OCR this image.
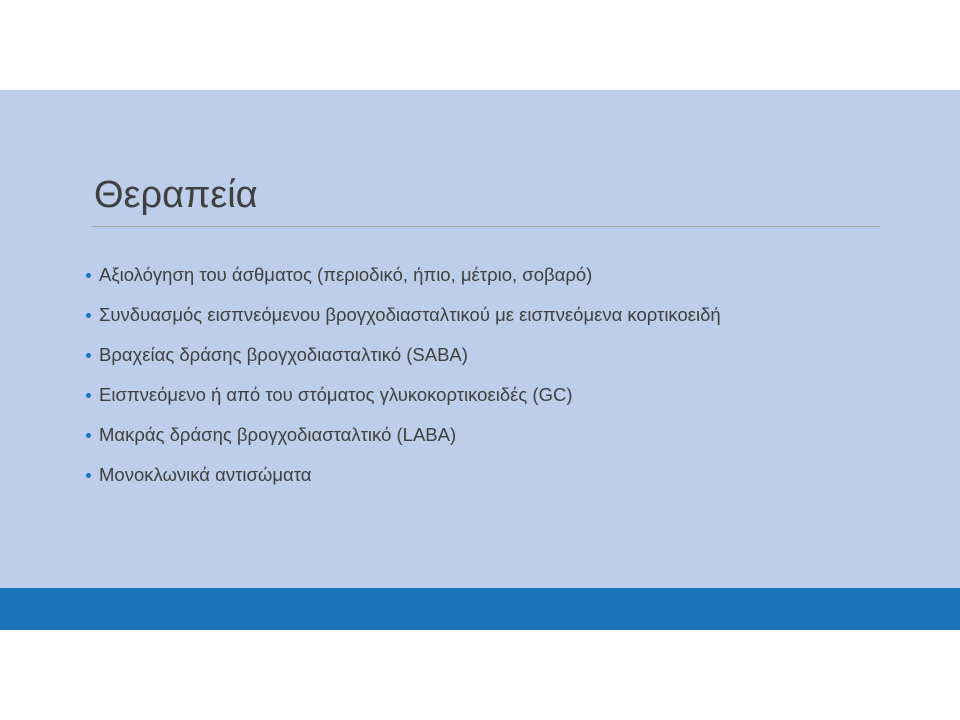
Θεραπεία
Αξιολόγηση του άσθματος (περιοδικό, ήπιο, μέτριο, σοβαρό)
Συνδυασμός εισπνεόμενου βρογχοδιασταλτικού με εισπνεόμενα κορτικοειδή
Βραχείας δράσης βρογχοδιασταλτικό (SABA)
Εισπνεόμενο ή από του στόματος γλυκοκορτικοειδές (GC)
Μακράς δράσης βρογχοδιασταλτικό (LABA)
Μονοκλωνικά αντισώματα
